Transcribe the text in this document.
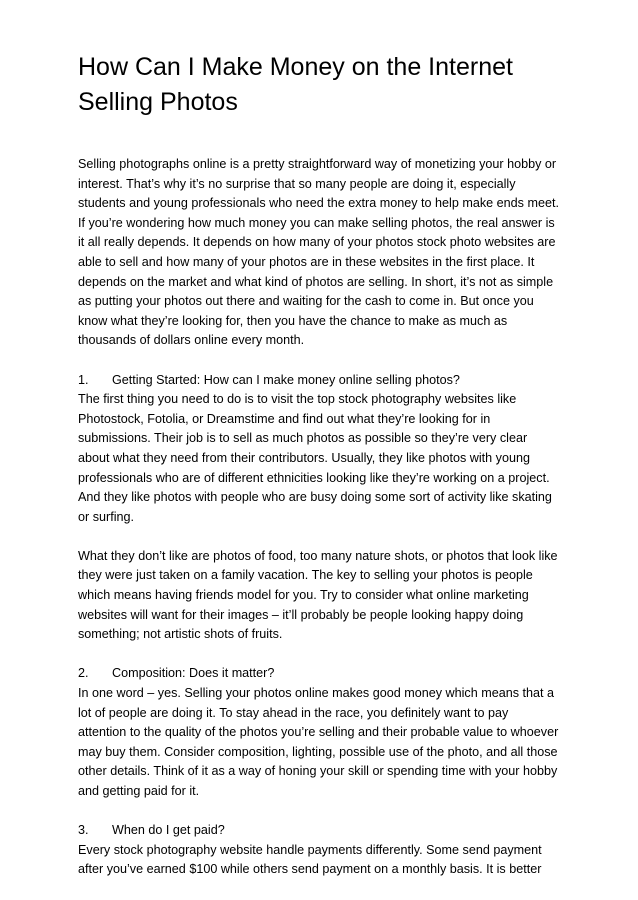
How Can I Make Money on the Internet Selling Photos

Selling photographs online is a pretty straightforward way of monetizing your hobby or interest. That’s why it’s no surprise that so many people are doing it, especially students and young professionals who need the extra money to help make ends meet. If you’re wondering how much money you can make selling photos, the real answer is it all really depends. It depends on how many of your photos stock photo websites are able to sell and how many of your photos are in these websites in the first place. It depends on the market and what kind of photos are selling. In short, it’s not as simple as putting your photos out there and waiting for the cash to come in. But once you know what they’re looking for, then you have the chance to make as much as thousands of dollars online every month.

1. Getting Started: How can I make money online selling photos?
The first thing you need to do is to visit the top stock photography websites like Photostock, Fotolia, or Dreamstime and find out what they’re looking for in submissions. Their job is to sell as much photos as possible so they’re very clear about what they need from their contributors. Usually, they like photos with young professionals who are of different ethnicities looking like they’re working on a project. And they like photos with people who are busy doing some sort of activity like skating or surfing.

What they don’t like are photos of food, too many nature shots, or photos that look like they were just taken on a family vacation. The key to selling your photos is people which means having friends model for you. Try to consider what online marketing websites will want for their images – it’ll probably be people looking happy doing something; not artistic shots of fruits.

2. Composition: Does it matter?
In one word – yes. Selling your photos online makes good money which means that a lot of people are doing it. To stay ahead in the race, you definitely want to pay attention to the quality of the photos you’re selling and their probable value to whoever may buy them. Consider composition, lighting, possible use of the photo, and all those other details. Think of it as a way of honing your skill or spending time with your hobby and getting paid for it.

3. When do I get paid?
Every stock photography website handle payments differently. Some send payment after you’ve earned $100 while others send payment on a monthly basis. It is better
